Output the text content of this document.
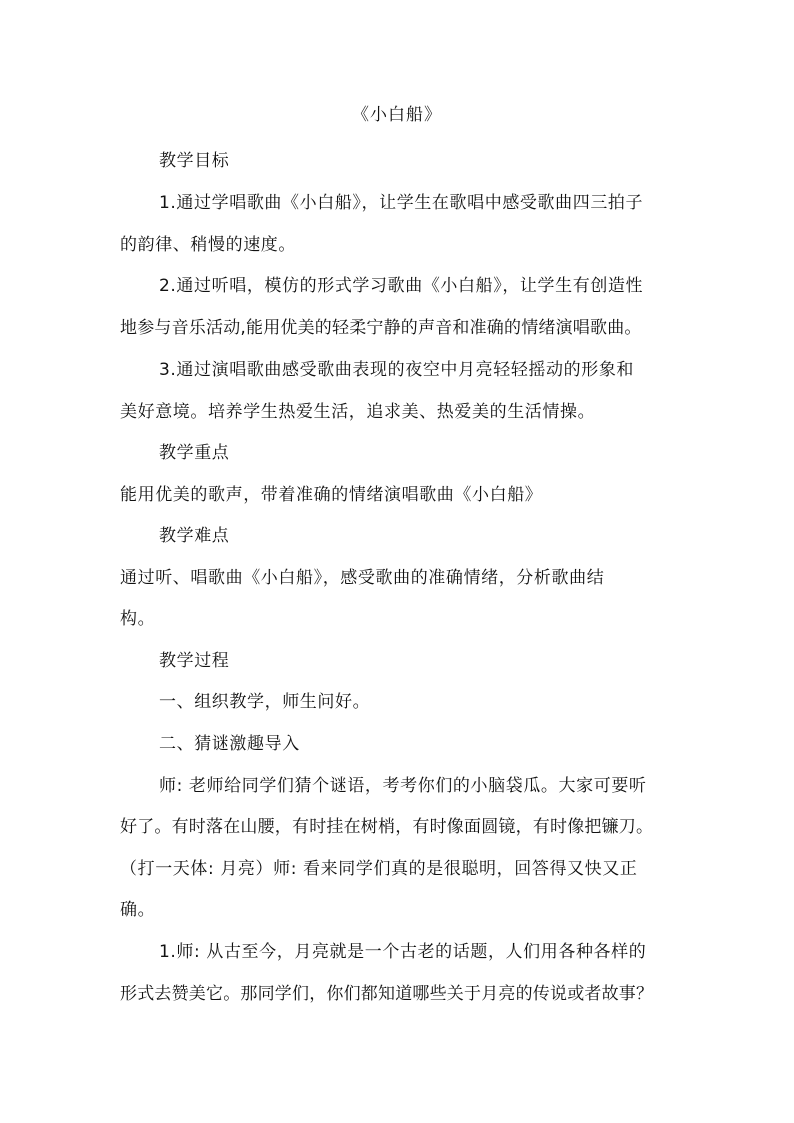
《小白船》
教学目标
1.通过学唱歌曲《小白船》，让学生在歌唱中感受歌曲四三拍子
的韵律、稍慢的速度。
2.通过听唱，模仿的形式学习歌曲《小白船》，让学生有创造性
地参与音乐活动,能用优美的轻柔宁静的声音和准确的情绪演唱歌曲。
3.通过演唱歌曲感受歌曲表现的夜空中月亮轻轻摇动的形象和
美好意境。培养学生热爱生活，追求美、热爱美的生活情操。
教学重点
能用优美的歌声，带着准确的情绪演唱歌曲《小白船》
教学难点
通过听、唱歌曲《小白船》，感受歌曲的准确情绪，分析歌曲结
构。
教学过程
一、组织教学，师生问好。
二、猜谜激趣导入
师: 老师给同学们猜个谜语，考考你们的小脑袋瓜。大家可要听
好了。有时落在山腰，有时挂在树梢，有时像面圆镜，有时像把镰刀。
（打一天体: 月亮）师: 看来同学们真的是很聪明，回答得又快又正
确。
1.师: 从古至今，月亮就是一个古老的话题，人们用各种各样的
形式去赞美它。那同学们，你们都知道哪些关于月亮的传说或者故事？
